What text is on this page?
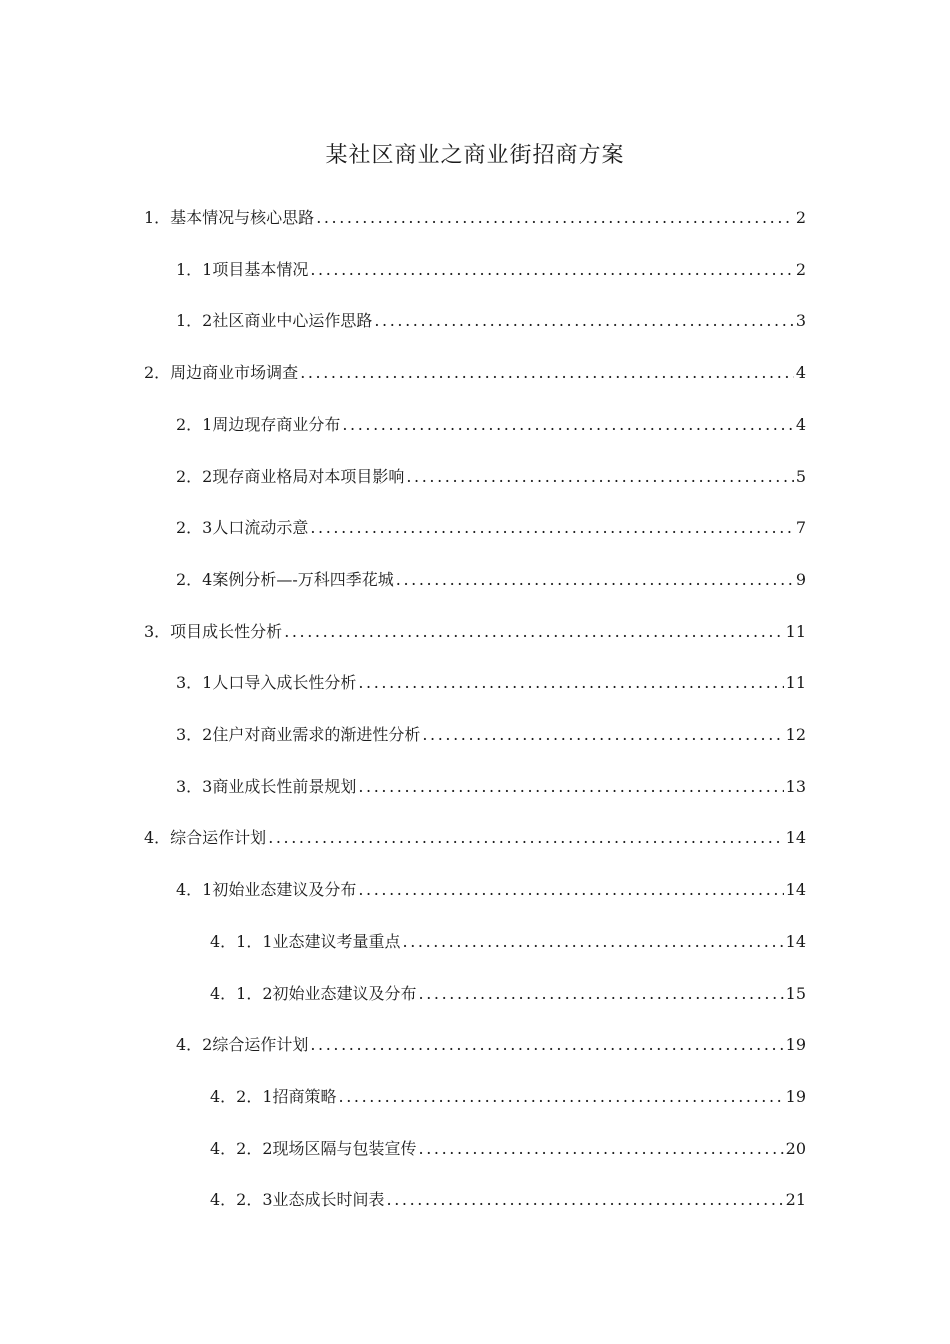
某社区商业之商业街招商方案
1．基本情况与核心思路 .....	2
1．1项目基本情况 .....	2
1．2社区商业中心运作思路 .....	3
2．周边商业市场调查 .....	4
2．1周边现存商业分布 .....	4
2．2现存商业格局对本项目影响 .....	5
2．3人口流动示意 .....	7
2．4案例分析—-万科四季花城 .....	9
3．项目成长性分析 .....	11
3．1人口导入成长性分析 .....	11
3．2住户对商业需求的渐进性分析 .....	12
3．3商业成长性前景规划 .....	13
4．综合运作计划 .....	14
4．1初始业态建议及分布 .....	14
4．1．1业态建议考量重点 .....	14
4．1．2初始业态建议及分布 .....	15
4．2综合运作计划 .....	19
4．2．1招商策略 .....	19
4．2．2现场区隔与包装宣传 .....	20
4．2．3业态成长时间表 .....	21
